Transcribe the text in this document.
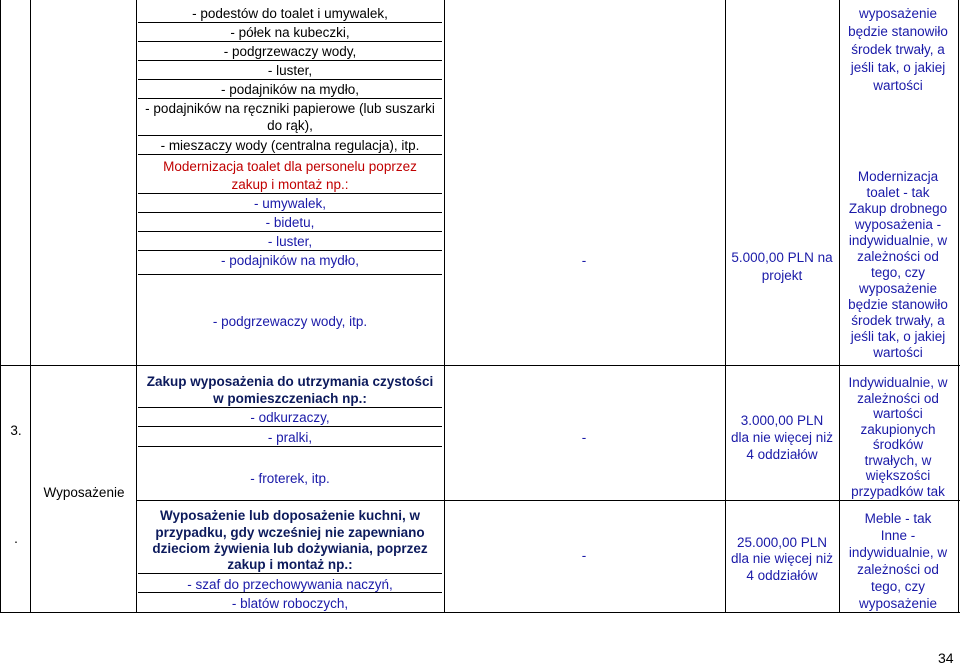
- podestów do toalet i umywalek,
- półek na kubeczki,
- podgrzewaczy wody,
- luster,
- podajników na mydło,
- podajników na ręczniki papierowe (lub suszarki
do rąk),
- mieszaczy wody (centralna regulacja), itp.
Modernizacja toalet dla personelu poprzez
zakup i montaż np.:
- umywalek,
- bidetu,
- luster,
- podajników na mydło,
- podgrzewaczy wody, itp.
-	5.000,00 PLN na
projekt
wyposażenie
będzie stanowiło
środek trwały, a
jeśli tak, o jakiej
wartości
Modernizacja
toalet - tak
Zakup drobnego
wyposażenia -
indywidualnie, w
zależności od
tego, czy
wyposażenie
będzie stanowiło
środek trwały, a
jeśli tak, o jakiej
wartości
3.
.
Wyposażenie
Zakup wyposażenia do utrzymania czystości
w pomieszczeniach np.:
- odkurzaczy,
- pralki,
- froterek, itp.
-
3.000,00 PLN
dla nie więcej niż
4 oddziałów
Indywidualnie, w
zależności od
wartości
zakupionych
środków
trwałych, w
większości
przypadków tak
Wyposażenie lub doposażenie kuchni, w
przypadku, gdy wcześniej nie zapewniano
dzieciom żywienia lub dożywiania, poprzez
zakup i montaż np.:
- szaf do przechowywania naczyń,
- blatów roboczych,
-
25.000,00 PLN
dla nie więcej niż
4 oddziałów
Meble - tak
Inne -
indywidualnie, w
zależności od
tego, czy
wyposażenie
34
